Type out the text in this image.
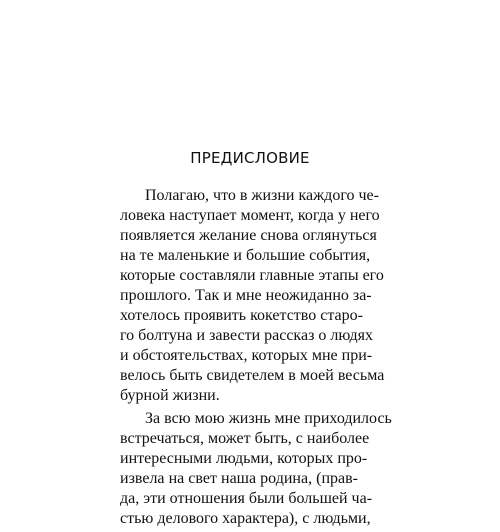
ПРЕДИСЛОВИЕ
Полагаю, что в жизни каждого че-
ловека наступает момент, когда у него
появляется желание снова оглянуться
на те маленькие и большие события,
которые составляли главные этапы его
прошлого. Так и мне неожиданно за-
хотелось проявить кокетство старо-
го болтуна и завести рассказ о людях
и обстоятельствах, которых мне при-
велось быть свидетелем в моей весьма
бурной жизни.
За всю мою жизнь мне приходилось
встречаться, может быть, с наиболее
интересными людьми, которых про-
извела на свет наша родина, (прав-
да, эти отношения были большей ча-
стью делового характера), с людьми,
